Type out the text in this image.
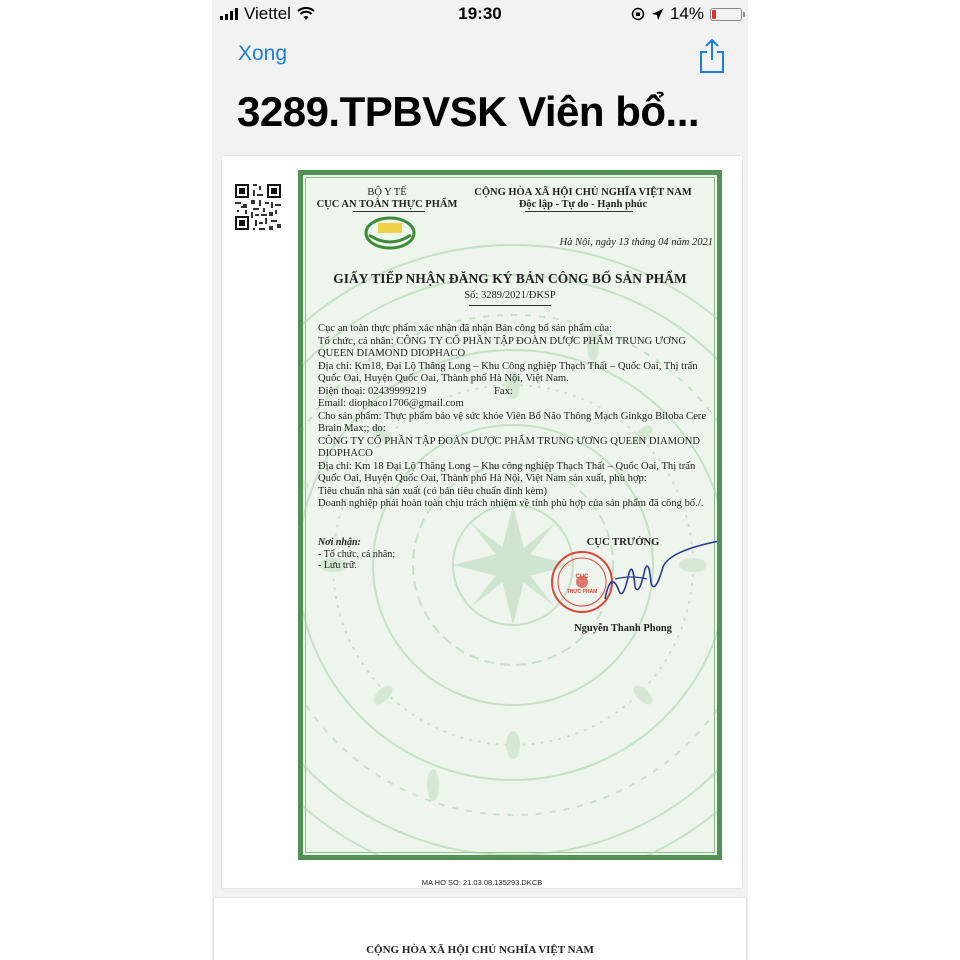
Viettel	19:30	14%
Xong
3289.TPBVSK Viên bổ...
BỘ Y TẾ
CỤC AN TOÀN THỰC PHẨM
CỘNG HÒA XÃ HỘI CHỦ NGHĨA VIỆT NAM
Độc lập - Tự do - Hạnh phúc
Hà Nội, ngày 13 tháng 04 năm 2021
GIẤY TIẾP NHẬN ĐĂNG KÝ BẢN CÔNG BỐ SẢN PHẨM
Số: 3289/2021/ĐKSP

Cục an toàn thực phẩm xác nhận đã nhận Bản công bố sản phẩm của:

Tổ chức, cá nhân: CÔNG TY CỔ PHẦN TẬP ĐOÀN DƯỢC PHẨM TRUNG ƯƠNG QUEEN DIAMOND DIOPHACO

Địa chỉ: Km18, Đại Lộ Thăng Long – Khu Công nghiệp Thạch Thất – Quốc Oai, Thị trấn Quốc Oai, Huyện Quốc Oai, Thành phố Hà Nội, Việt Nam.

Điện thoại: 02439999219	Fax:

Email: diophaco1706@gmail.com

Cho sản phẩm: Thực phẩm bảo vệ sức khỏe Viên Bổ Não Thông Mạch Ginkgo Biloba Cere Brain Max;; do:

CÔNG TY CỔ PHẦN TẬP ĐOÀN DƯỢC PHẨM TRUNG ƯƠNG QUEEN DIAMOND DIOPHACO

Địa chỉ: Km 18 Đại Lộ Thăng Long – Khu công nghiệp Thạch Thất – Quốc Oai, Thị trấn Quốc Oai, Huyện Quốc Oai, Thành phố Hà Nội, Việt Nam sản xuất, phù hợp:

Tiêu chuẩn nhà sản xuất (có bản tiêu chuẩn đính kèm)

Doanh nghiệp phải hoàn toàn chịu trách nhiệm về tính phù hợp của sản phẩm đã công bố./.

Nơi nhận:
- Tổ chức, cá nhân;
- Lưu trữ.
CỤC TRƯỞNG
CỤC
THỰC PHẨM
Nguyễn Thanh Phong
MA HO SO: 21.03.08.135293.DKCB
CỘNG HÒA XÃ HỘI CHỦ NGHĨA VIỆT NAM
